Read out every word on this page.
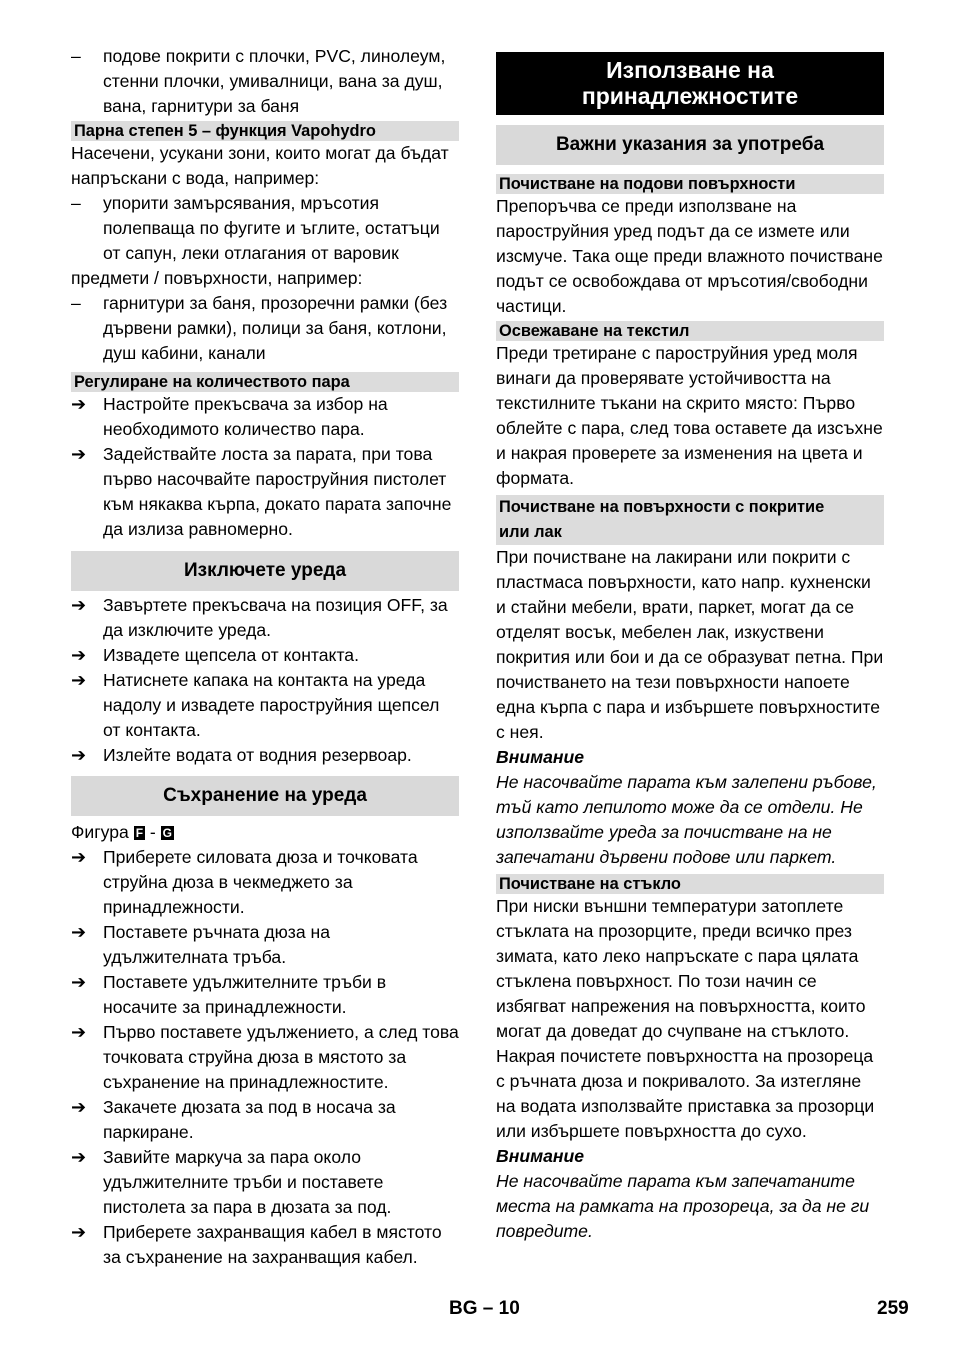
–	подове покрити с плочки, PVC, линолеум, стенни плочки, умивалници, вана за душ, вана, гарнитури за баня
Парна степен 5 – функция Vapohydro

Насечени, усукани зони, които могат да бъдат напръскани с вода, например:

–	упорити замърсявания, мръсотия полепваща по фугите и ъглите, остатъци от сапун, леки отлагания от варовик

предмети / повърхности, например:

–	гарнитури за баня, прозоречни рамки (без дървени рамки), полици за баня, котлони, душ кабини, канали
Регулиране на количеството пара
➔ Настройте прекъсвача за избор на необходимото количество пара.
➔ Задействайте лоста за парата, при това първо насочвайте пароструйния пистолет към някаква кърпа, докато парата започне да излиза равномерно.
Изключете уреда
➔ Завъртете прекъсвача на позиция OFF, за да изключите уреда.
➔ Извадете щепсела от контакта.
➔ Натиснете капака на контакта на уреда надолу и извадете пароструйния щепсел от контакта.
➔ Излейте водата от водния резервоар.
Съхранение на уреда

Фигура F - G

➔ Приберете силовата дюза и точковата струйна дюза в чекмеджето за принадлежности.
➔ Поставете ръчната дюза на удължителната тръба.
➔ Поставете удължителните тръби в носачите за принадлежности.
➔ Първо поставете удължението, а след това точковата струйна дюза в мястото за съхранение на принадлежностите.
➔ Закачете дюзата за под в носача за паркиране.
➔ Завийте маркуча за пара около удължителните тръби и поставете пистолета за пара в дюзата за под.
➔ Приберете захранващия кабел в мястото за съхранение на захранващия кабел.
Използване на
принадлежностите
Важни указания за употреба
Почистване на подови повърхности

Препоръчва се преди използване на пароструйния уред подът да се измете или изсмуче. Така още преди влажното почистване подът се освобождава от мръсотия/свободни частици.

Освежаване на текстил

Преди третиране с пароструйния уред моля винаги да проверявате устойчивостта на текстилните тъкани на скрито място: Първо облейте с пара, след това оставете да изсъхне и накрая проверете за изменения на цвета и формата.

Почистване на повърхности с покритие
или лак

При почистване на лакирани или покрити с пластмаса повърхности, като напр. кухненски и стайни мебели, врати, паркет, могат да се отделят восък, мебелен лак, изкуствени покрития или бои и да се образуват петна. При почистването на тези повърхности напоете една кърпа с пара и избършете повърхностите с нея.

Внимание

Не насочвайте парата към залепени ръбове, тъй като лепилото може да се отдели. Не използвайте уреда за почистване на не запечатани дървени подове или паркет.

Почистване на стъкло

При ниски външни температури затоплете стъклата на прозорците, преди всичко през зимата, като леко напръскате с пара цялата стъклена повърхност. По този начин се избягват напрежения на повърхността, които могат да доведат до счупване на стъклото. Накрая почистете повърхността на прозореца с ръчната дюза и покривалото. За изтегляне на водата използвайте приставка за прозорци или избършете повърхността до сухо.

Внимание

Не насочвайте парата към запечатаните места на рамката на прозореца, за да не ги повредите.

BG – 10	259
